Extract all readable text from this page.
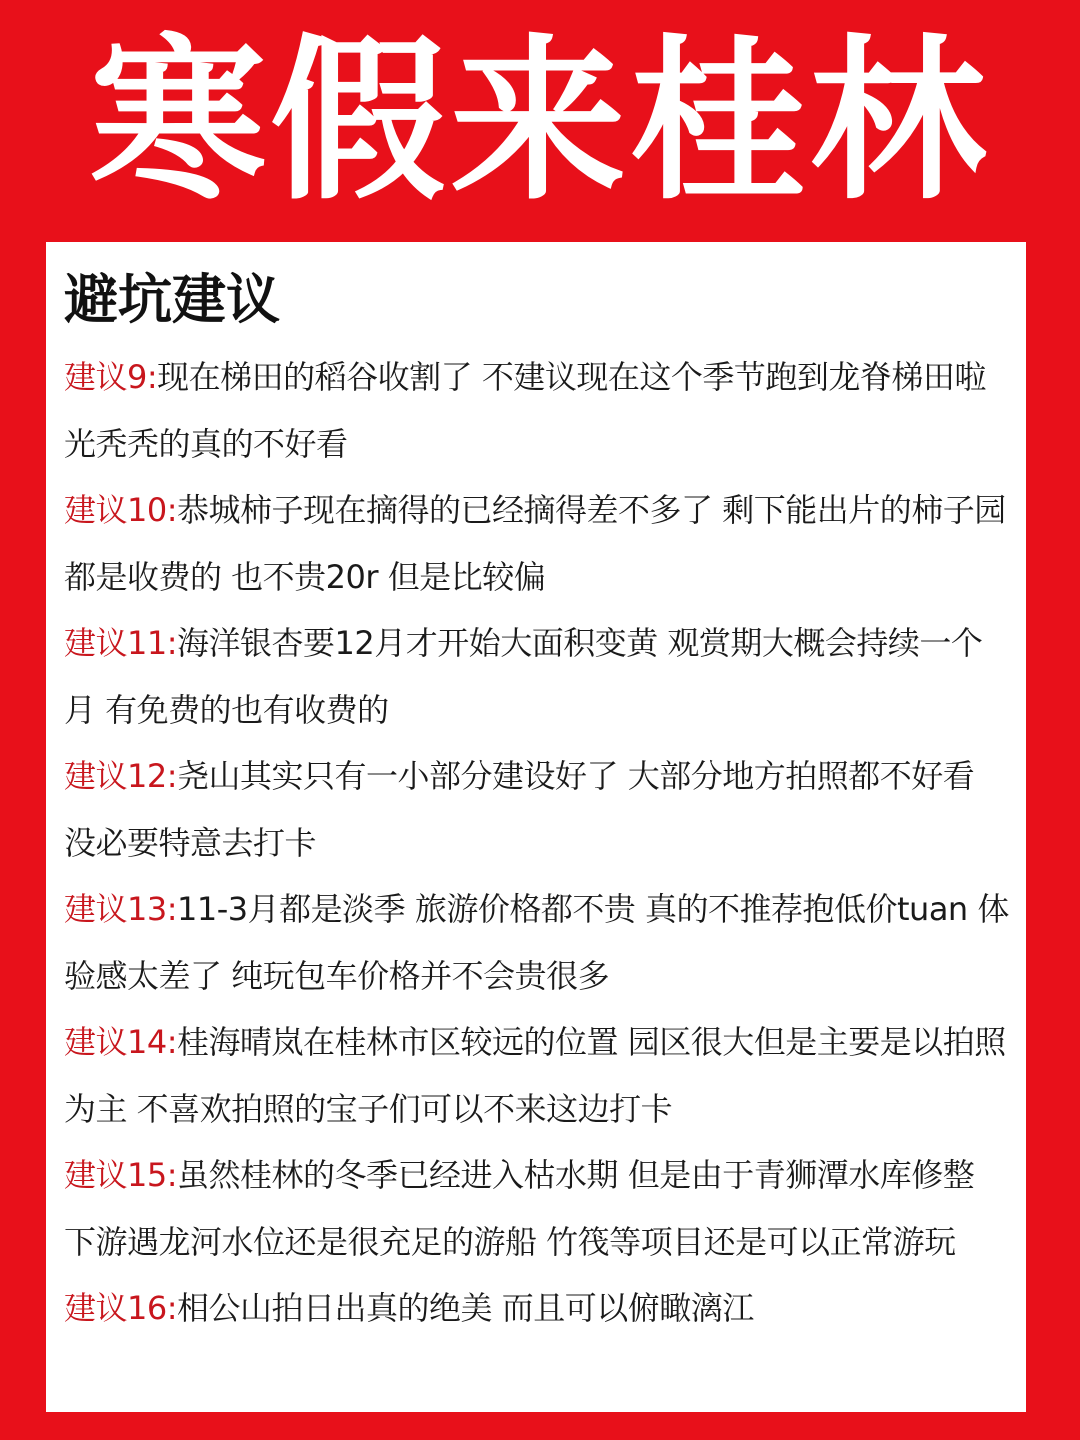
寒假来桂林
避坑建议
建议9:现在梯田的稻谷收割了 不建议现在这个季节跑到龙脊梯田啦 光秃秃的真的不好看
建议10:恭城柿子现在摘得的已经摘得差不多了 剩下能出片的柿子园都是收费的 也不贵20r 但是比较偏
建议11:海洋银杏要12月才开始大面积变黄 观赏期大概会持续一个月 有免费的也有收费的
建议12:尧山其实只有一小部分建设好了 大部分地方拍照都不好看 没必要特意去打卡
建议13:11-3月都是淡季 旅游价格都不贵 真的不推荐抱低价tuan 体验感太差了 纯玩包车价格并不会贵很多
建议14:桂海晴岚在桂林市区较远的位置 园区很大但是主要是以拍照为主 不喜欢拍照的宝子们可以不来这边打卡
建议15:虽然桂林的冬季已经进入枯水期 但是由于青狮潭水库修整 下游遇龙河水位还是很充足的游船 竹筏等项目还是可以正常游玩
建议16:相公山拍日出真的绝美 而且可以俯瞰漓江
